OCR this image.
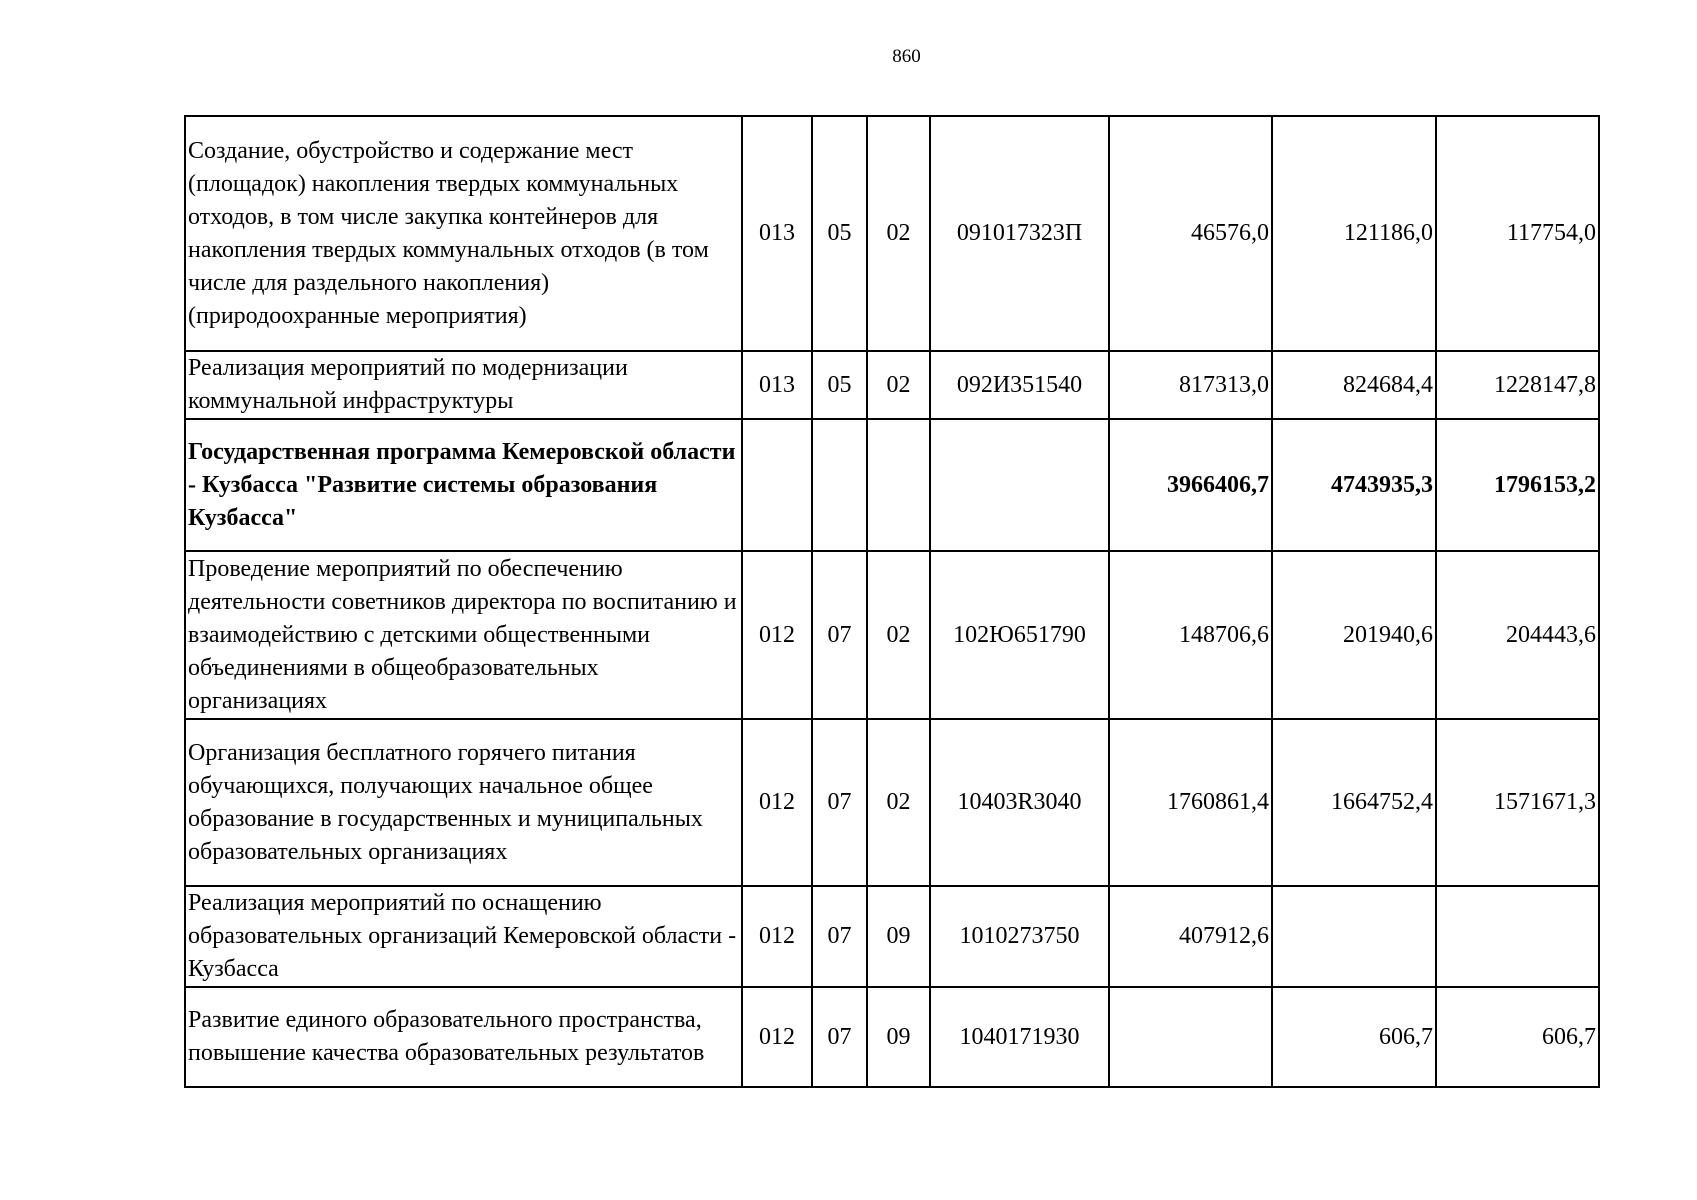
860
Создание, обустройство и содержание мест (площадок) накопления твердых коммунальных отходов, в том числе закупка контейнеров для накопления твердых коммунальных отходов (в том числе для раздельного накопления) (природоохранные мероприятия)	013	05	02	091017323П	46576,0	121186,0	117754,0
Реализация мероприятий по модернизации коммунальной инфраструктуры	013	05	02	092И351540	817313,0	824684,4	1228147,8
Государственная программа Кемеровской области - Кузбасса "Развитие системы образования Кузбасса"					3966406,7	4743935,3	1796153,2
Проведение мероприятий по обеспечению деятельности советников директора по воспитанию и взаимодействию с детскими общественными объединениями в общеобразовательных организациях	012	07	02	102Ю651790	148706,6	201940,6	204443,6
Организация бесплатного горячего питания обучающихся, получающих начальное общее образование в государственных и муниципальных образовательных организациях	012	07	02	10403R3040	1760861,4	1664752,4	1571671,3
Реализация мероприятий по оснащению образовательных организаций Кемеровской области - Кузбасса	012	07	09	1010273750	407912,6		
Развитие единого образовательного пространства, повышение качества образовательных результатов	012	07	09	1040171930		606,7	606,7
